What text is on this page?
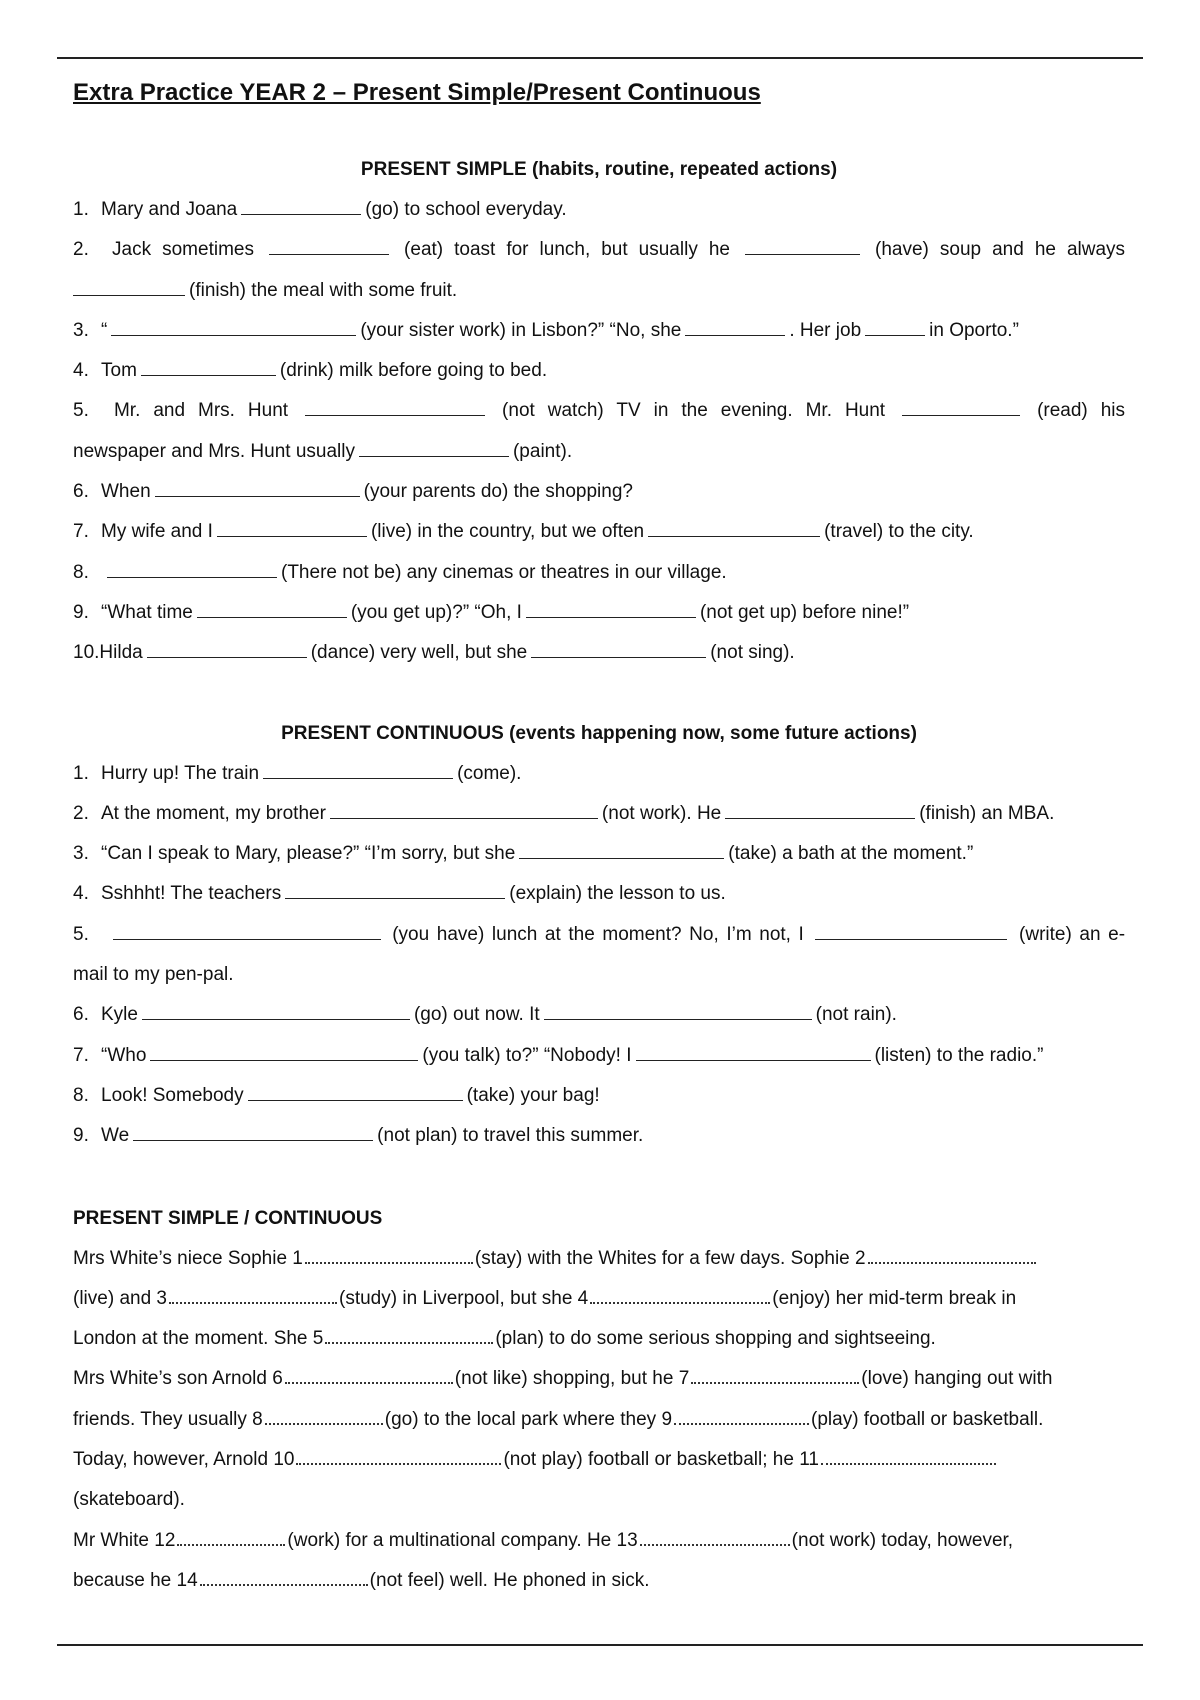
Extra Practice YEAR 2 – Present Simple/Present Continuous
PRESENT SIMPLE (habits, routine, repeated actions)
1. Mary and Joana	(go) to school everyday.
2. Jack sometimes	(eat) toast for lunch, but usually he	(have) soup and he always
(finish) the meal with some fruit.
3. “	(your sister work) in Lisbon?” “No, she	. Her job	in Oporto.”
4. Tom	(drink) milk before going to bed.
5. Mr. and Mrs. Hunt	(not watch) TV in the evening. Mr. Hunt	(read) his
newspaper and Mrs. Hunt usually	(paint).
6. When	(your parents do) the shopping?
7. My wife and I	(live) in the country, but we often	(travel) to the city.
8.	(There not be) any cinemas or theatres in our village.
9. “What time	(you get up)?” “Oh, I	(not get up) before nine!”
10.Hilda	(dance) very well, but she	(not sing).
PRESENT CONTINUOUS (events happening now, some future actions)
1. Hurry up! The train	(come).
2. At the moment, my brother	(not work). He	(finish) an MBA.
3. “Can I speak to Mary, please?” “I’m sorry, but she	(take) a bath at the moment.”
4. Sshhht! The teachers	(explain) the lesson to us.
5.	(you have) lunch at the moment? No, I’m not, I	(write) an e-
mail to my pen-pal.
6. Kyle	(go) out now. It	(not rain).
7. “Who	(you talk) to?” “Nobody! I	(listen) to the radio.”
8. Look! Somebody	(take) your bag!
9. We	(not plan) to travel this summer.
PRESENT SIMPLE / CONTINUOUS
Mrs White’s niece Sophie 1	(stay) with the Whites for a few days. Sophie 2
(live) and 3	(study) in Liverpool, but she 4	(enjoy) her mid-term break in
London at the moment. She 5	(plan) to do some serious shopping and sightseeing.
Mrs White’s son Arnold 6	(not like) shopping, but he 7	(love) hanging out with
friends. They usually 8	(go) to the local park where they 9	(play) football or basketball.
Today, however, Arnold 10	(not play) football or basketball; he 11
(skateboard).
Mr White 12	(work) for a multinational company. He 13	(not work) today, however,
because he 14	(not feel) well. He phoned in sick.
